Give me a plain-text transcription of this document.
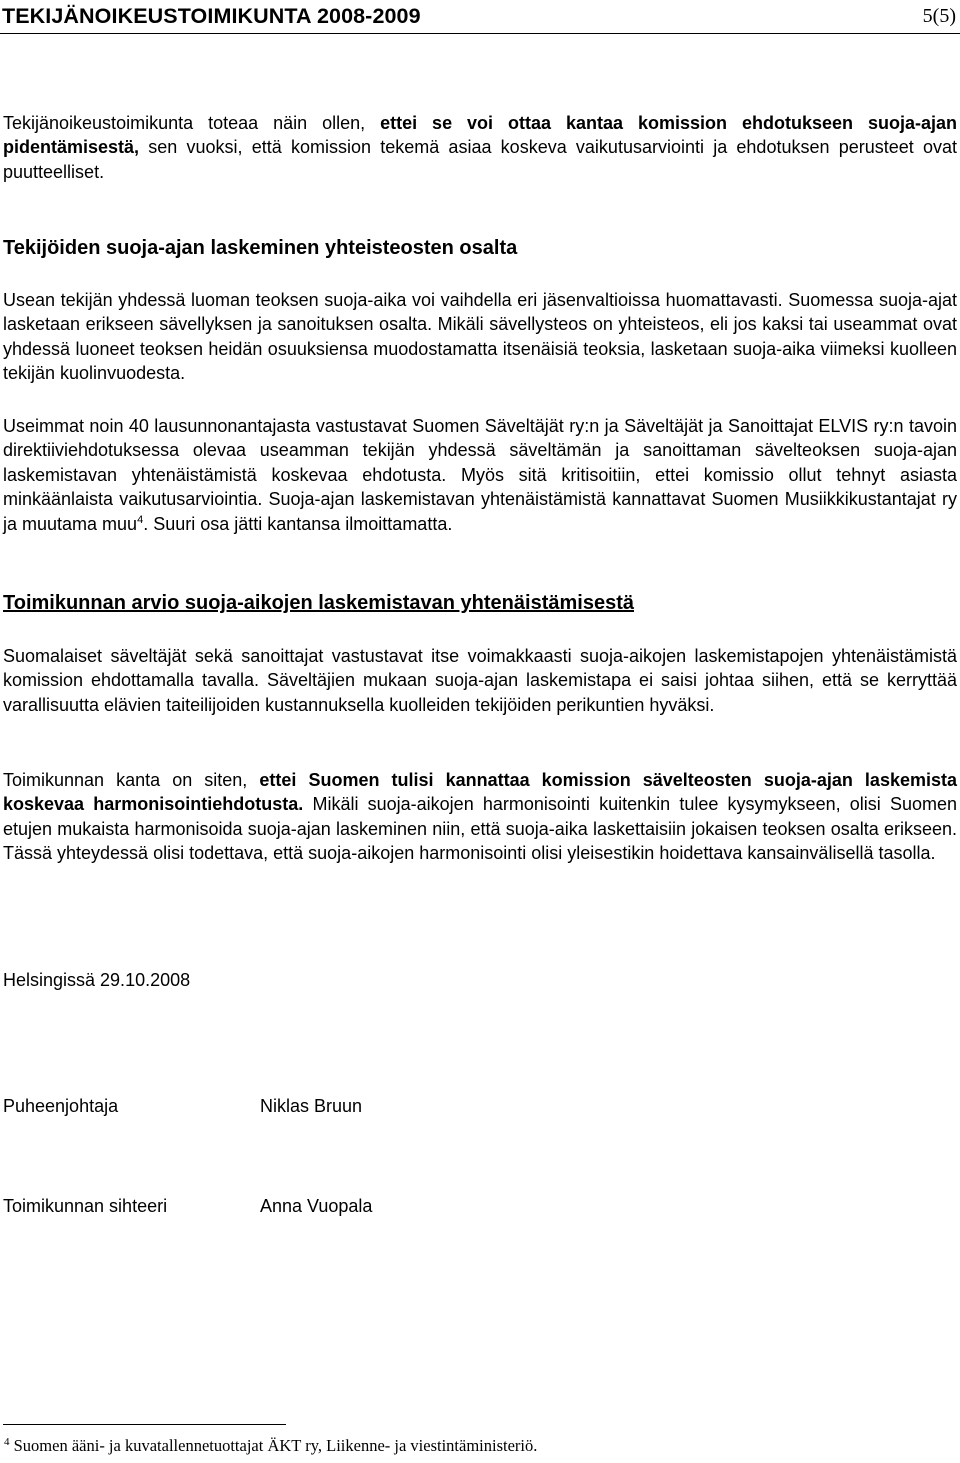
TEKIJÄNOIKEUSTOIMIKUNTA 2008-2009	5(5)

Tekijänoikeustoimikunta toteaa näin ollen, ettei se voi ottaa kantaa komission ehdotukseen suoja-ajan pidentämisestä, sen vuoksi, että komission tekemä asiaa koskeva vaikutusarviointi ja ehdotuksen perusteet ovat puutteelliset.

Tekijöiden suoja-ajan laskeminen yhteisteosten osalta

Usean tekijän yhdessä luoman teoksen suoja-aika voi vaihdella eri jäsenvaltioissa huomattavasti. Suomessa suoja-ajat lasketaan erikseen sävellyksen ja sanoituksen osalta. Mikäli sävellysteos on yhteisteos, eli jos kaksi tai useammat ovat yhdessä luoneet teoksen heidän osuuksiensa muodostamatta itsenäisiä teoksia, lasketaan suoja-aika viimeksi kuolleen tekijän kuolinvuodesta.

Useimmat noin 40 lausunnonantajasta vastustavat Suomen Säveltäjät ry:n ja Säveltäjät ja Sanoittajat ELVIS ry:n tavoin direktiiviehdotuksessa olevaa useamman tekijän yhdessä säveltämän ja sanoittaman sävelteoksen suoja-ajan laskemistavan yhtenäistämistä koskevaa ehdotusta. Myös sitä kritisoitiin, ettei komissio ollut tehnyt asiasta minkäänlaista vaikutusarviointia. Suoja-ajan laskemistavan yhtenäistämistä kannattavat Suomen Musiikkikustantajat ry ja muutama muu$^4$. Suuri osa jätti kantansa ilmoittamatta.

Toimikunnan arvio suoja-aikojen laskemistavan yhtenäistämisestä

Suomalaiset säveltäjät sekä sanoittajat vastustavat itse voimakkaasti suoja-aikojen laskemistapojen yhtenäistämistä komission ehdottamalla tavalla. Säveltäjien mukaan suoja-ajan laskemistapa ei saisi johtaa siihen, että se kerryttää varallisuutta elävien taiteilijoiden kustannuksella kuolleiden tekijöiden perikuntien hyväksi.

Toimikunnan kanta on siten, ettei Suomen tulisi kannattaa komission sävelteosten suoja-ajan laskemista koskevaa harmonisointiehdotusta. Mikäli suoja-aikojen harmonisointi kuitenkin tulee kysymykseen, olisi Suomen etujen mukaista harmonisoida suoja-ajan laskeminen niin, että suoja-aika laskettaisiin jokaisen teoksen osalta erikseen. Tässä yhteydessä olisi todettava, että suoja-aikojen harmonisointi olisi yleisestikin hoidettava kansainvälisellä tasolla.

Helsingissä 29.10.2008

Puheenjohtaja	Niklas Bruun

Toimikunnan sihteeri	Anna Vuopala

$^4$ Suomen ääni- ja kuvatallennetuottajat ÄKT ry, Liikenne- ja viestintäministeriö.
